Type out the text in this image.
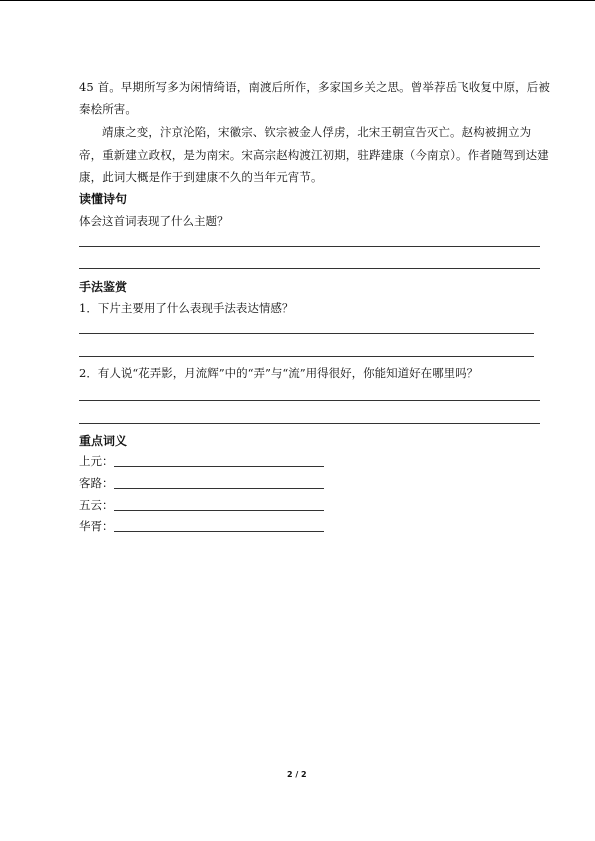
45 首。早期所写多为闲情绮语，南渡后所作，多家国乡关之思。曾举荐岳飞收复中原，后被
秦桧所害。
靖康之变，汴京沦陷，宋徽宗、钦宗被金人俘虏，北宋王朝宣告灭亡。赵构被拥立为
帝，重新建立政权，是为南宋。宋高宗赵构渡江初期，驻跸建康（今南京）。作者随驾到达建
康，此词大概是作于到建康不久的当年元宵节。
读懂诗句
体会这首词表现了什么主题？
手法鉴赏
1．下片主要用了什么表现手法表达情感？
2．有人说“花弄影，月流辉”中的“弄”与“流”用得很好，你能知道好在哪里吗？
重点词义
上元：
客路：
五云：
华胥：
2 / 2
